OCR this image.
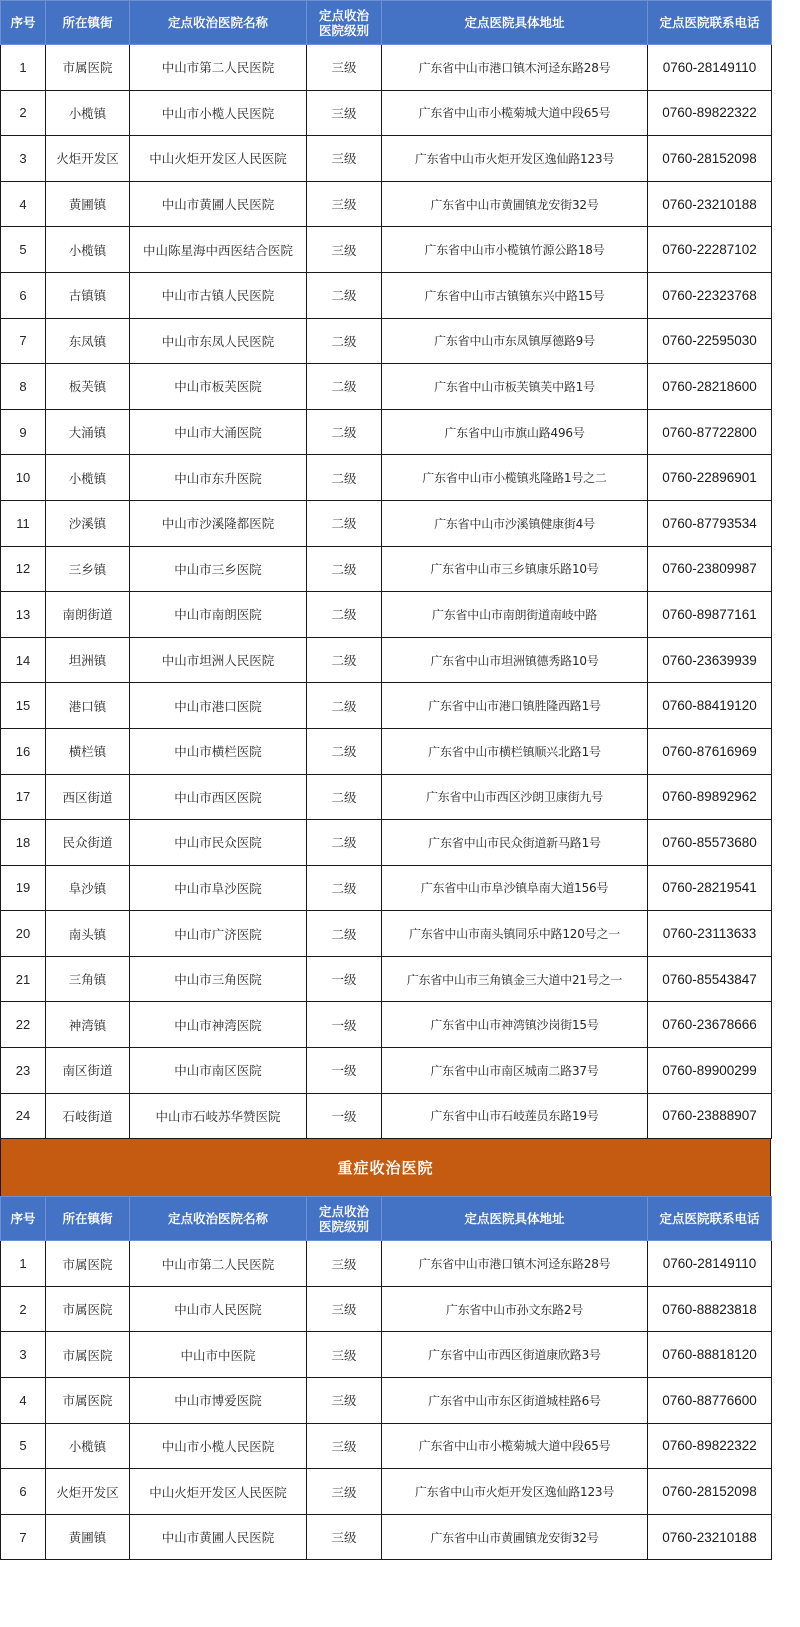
序号	所在镇街	定点收治医院名称	定点收治
医院级别	定点医院具体地址	定点医院联系电话
1	市属医院	中山市第二人民医院	三级	广东省中山市港口镇木河迳东路28号	0760-28149110
2	小榄镇	中山市小榄人民医院	三级	广东省中山市小榄菊城大道中段65号	0760-89822322
3	火炬开发区	中山火炬开发区人民医院	三级	广东省中山市火炬开发区逸仙路123号	0760-28152098
4	黄圃镇	中山市黄圃人民医院	三级	广东省中山市黄圃镇龙安街32号	0760-23210188
5	小榄镇	中山陈星海中西医结合医院	三级	广东省中山市小榄镇竹源公路18号	0760-22287102
6	古镇镇	中山市古镇人民医院	二级	广东省中山市古镇镇东兴中路15号	0760-22323768
7	东凤镇	中山市东凤人民医院	二级	广东省中山市东凤镇厚德路9号	0760-22595030
8	板芙镇	中山市板芙医院	二级	广东省中山市板芙镇芙中路1号	0760-28218600
9	大涌镇	中山市大涌医院	二级	广东省中山市旗山路496号	0760-87722800
10	小榄镇	中山市东升医院	二级	广东省中山市小榄镇兆隆路1号之二	0760-22896901
11	沙溪镇	中山市沙溪隆都医院	二级	广东省中山市沙溪镇健康街4号	0760-87793534
12	三乡镇	中山市三乡医院	二级	广东省中山市三乡镇康乐路10号	0760-23809987
13	南朗街道	中山市南朗医院	二级	广东省中山市南朗街道南岐中路	0760-89877161
14	坦洲镇	中山市坦洲人民医院	二级	广东省中山市坦洲镇德秀路10号	0760-23639939
15	港口镇	中山市港口医院	二级	广东省中山市港口镇胜隆西路1号	0760-88419120
16	横栏镇	中山市横栏医院	二级	广东省中山市横栏镇顺兴北路1号	0760-87616969
17	西区街道	中山市西区医院	二级	广东省中山市西区沙朗卫康街九号	0760-89892962
18	民众街道	中山市民众医院	二级	广东省中山市民众街道新马路1号	0760-85573680
19	阜沙镇	中山市阜沙医院	二级	广东省中山市阜沙镇阜南大道156号	0760-28219541
20	南头镇	中山市广济医院	二级	广东省中山市南头镇同乐中路120号之一	0760-23113633
21	三角镇	中山市三角医院	一级	广东省中山市三角镇金三大道中21号之一	0760-85543847
22	神湾镇	中山市神湾医院	一级	广东省中山市神湾镇沙岗街15号	0760-23678666
23	南区街道	中山市南区医院	一级	广东省中山市南区城南二路37号	0760-89900299
24	石岐街道	中山市石岐苏华赞医院	一级	广东省中山市石岐莲员东路19号	0760-23888907
重症收治医院
序号	所在镇街	定点收治医院名称	定点收治
医院级别	定点医院具体地址	定点医院联系电话
1	市属医院	中山市第二人民医院	三级	广东省中山市港口镇木河迳东路28号	0760-28149110
2	市属医院	中山市人民医院	三级	广东省中山市孙文东路2号	0760-88823818
3	市属医院	中山市中医院	三级	广东省中山市西区街道康欣路3号	0760-88818120
4	市属医院	中山市博爱医院	三级	广东省中山市东区街道城桂路6号	0760-88776600
5	小榄镇	中山市小榄人民医院	三级	广东省中山市小榄菊城大道中段65号	0760-89822322
6	火炬开发区	中山火炬开发区人民医院	三级	广东省中山市火炬开发区逸仙路123号	0760-28152098
7	黄圃镇	中山市黄圃人民医院	三级	广东省中山市黄圃镇龙安街32号	0760-23210188
